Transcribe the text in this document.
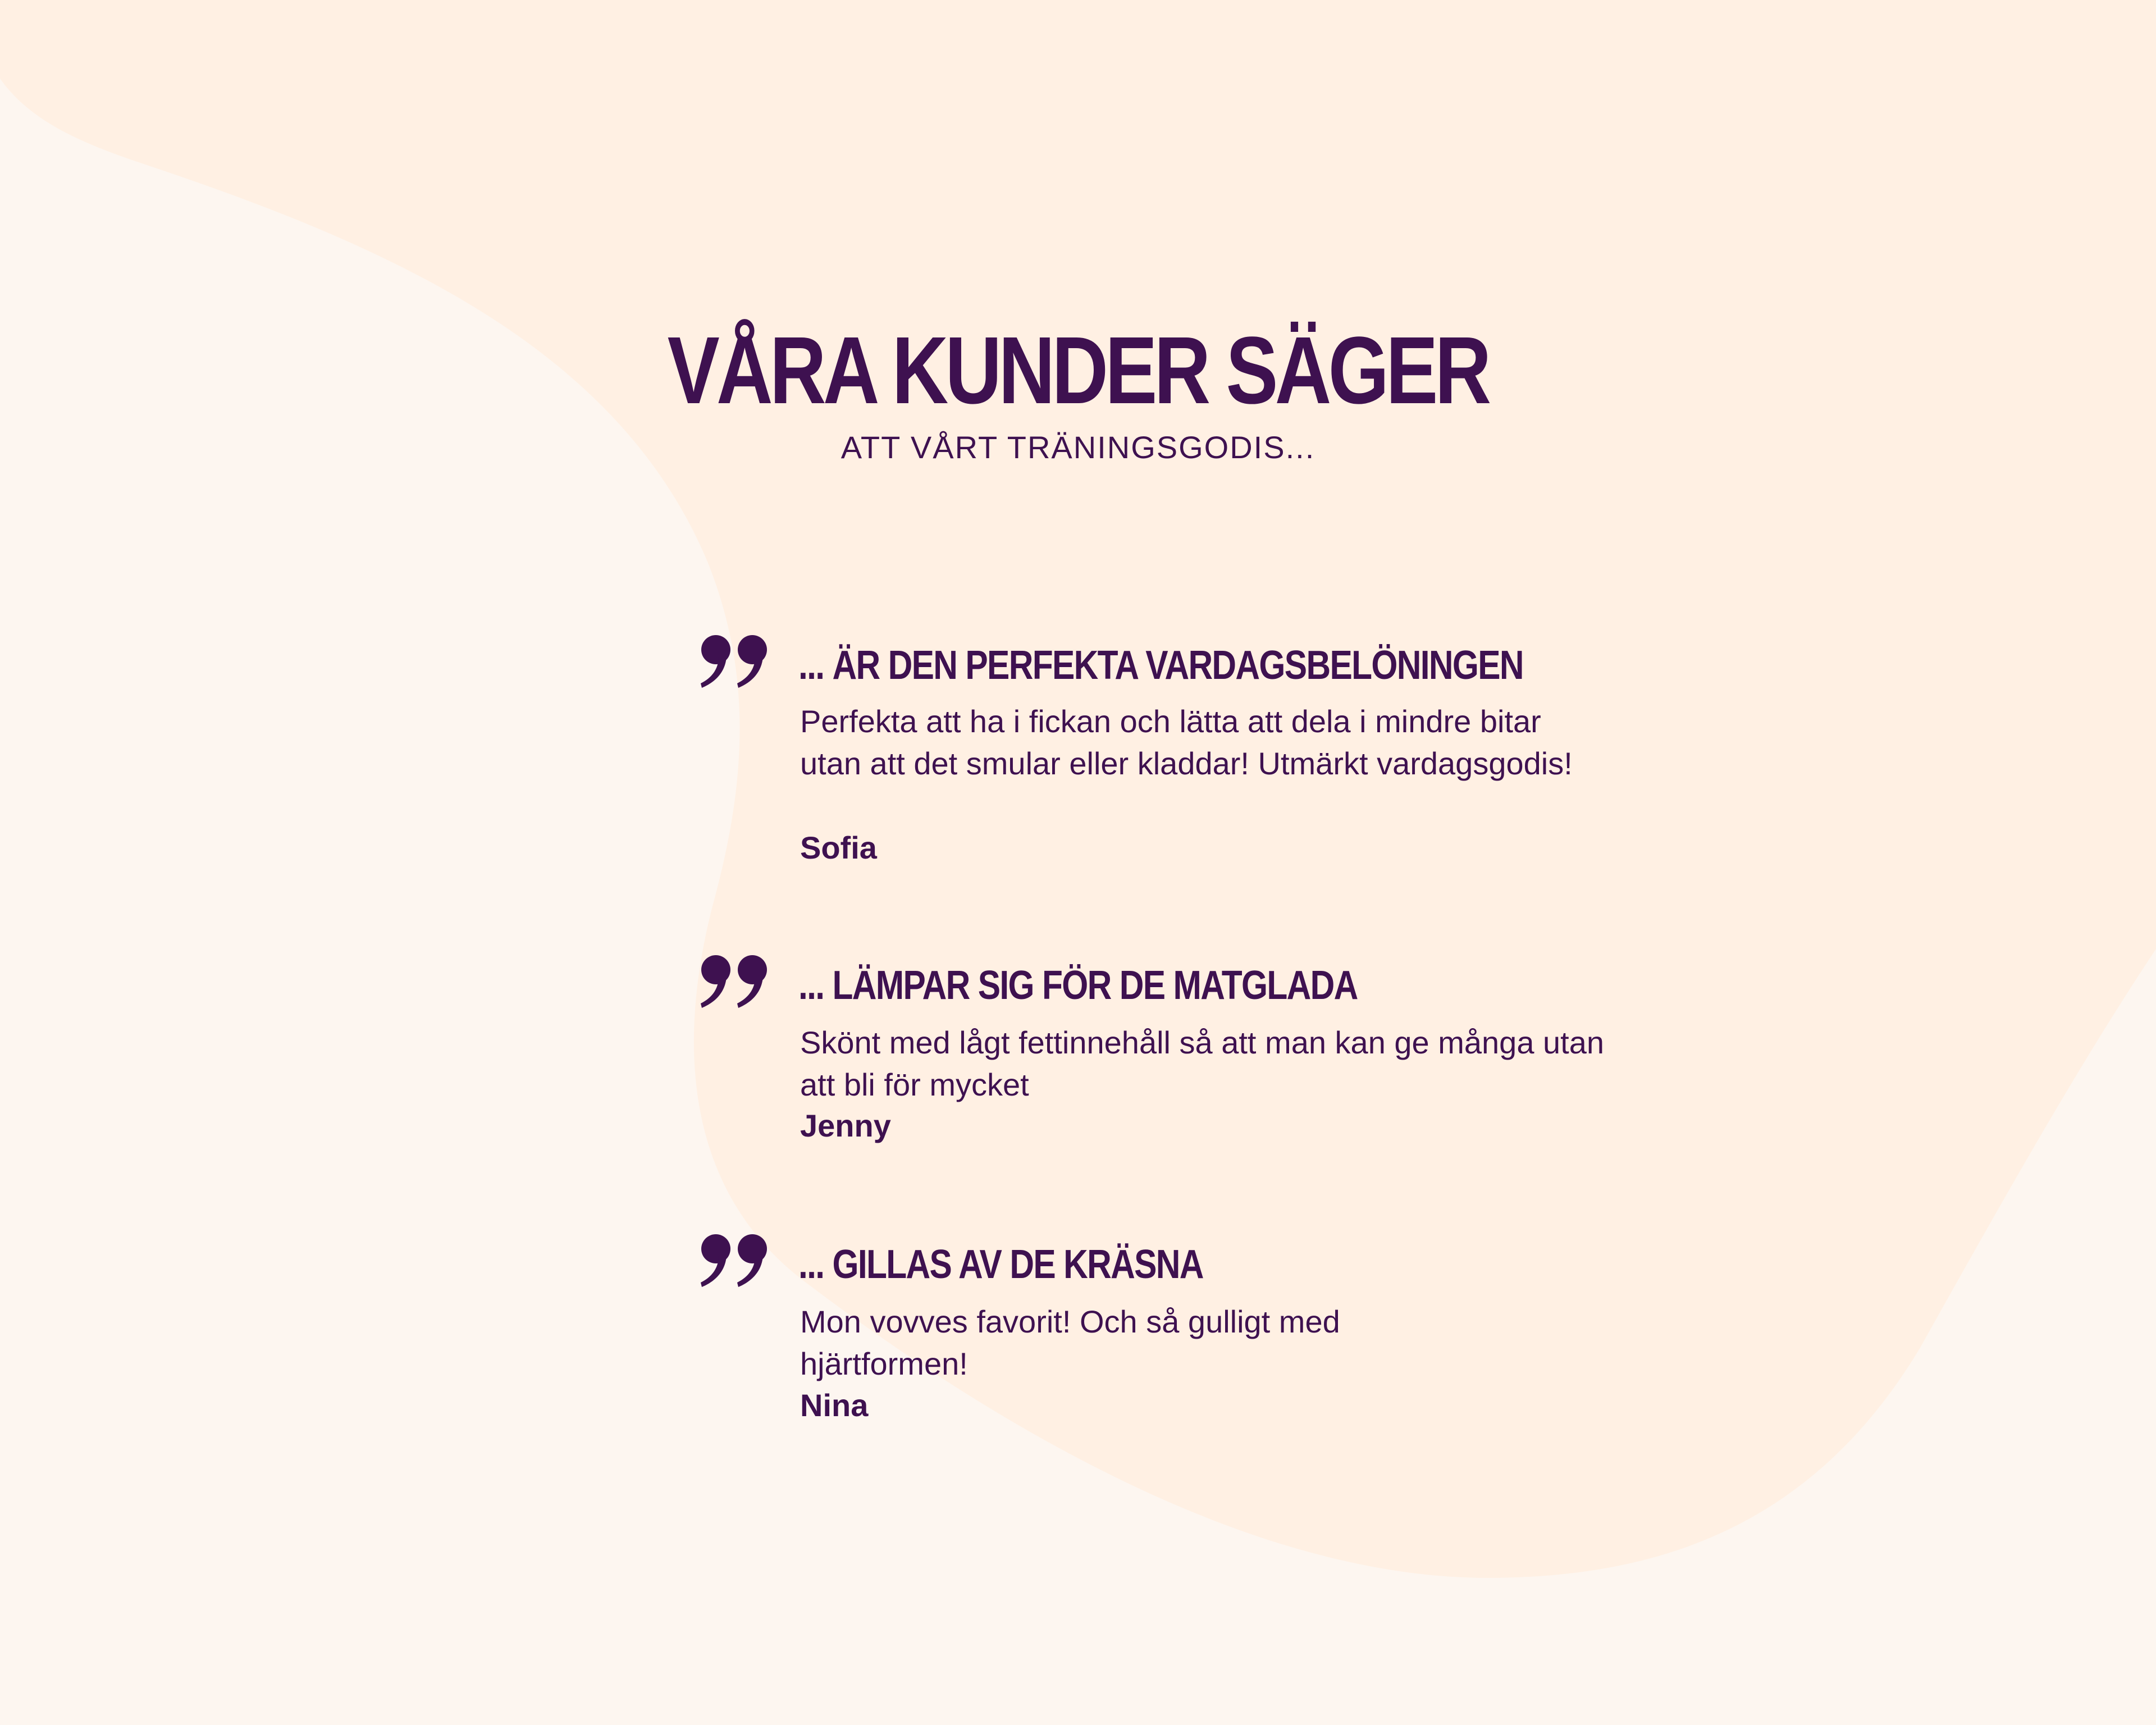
VÅRA KUNDER SÄGER

ATT VÅRT TRÄNINGSGODIS...

... ÄR DEN PERFEKTA VARDAGSBELÖNINGEN

Perfekta att ha i fickan och lätta att dela i mindre bitar utan att det smular eller kladdar! Utmärkt vardagsgodis!

Sofia

... LÄMPAR SIG FÖR DE MATGLADA

Skönt med lågt fettinnehåll så att man kan ge många utan att bli för mycket

Jenny

... GILLAS AV DE KRÄSNA

Mon vovves favorit! Och så gulligt med hjärtformen!

Nina
